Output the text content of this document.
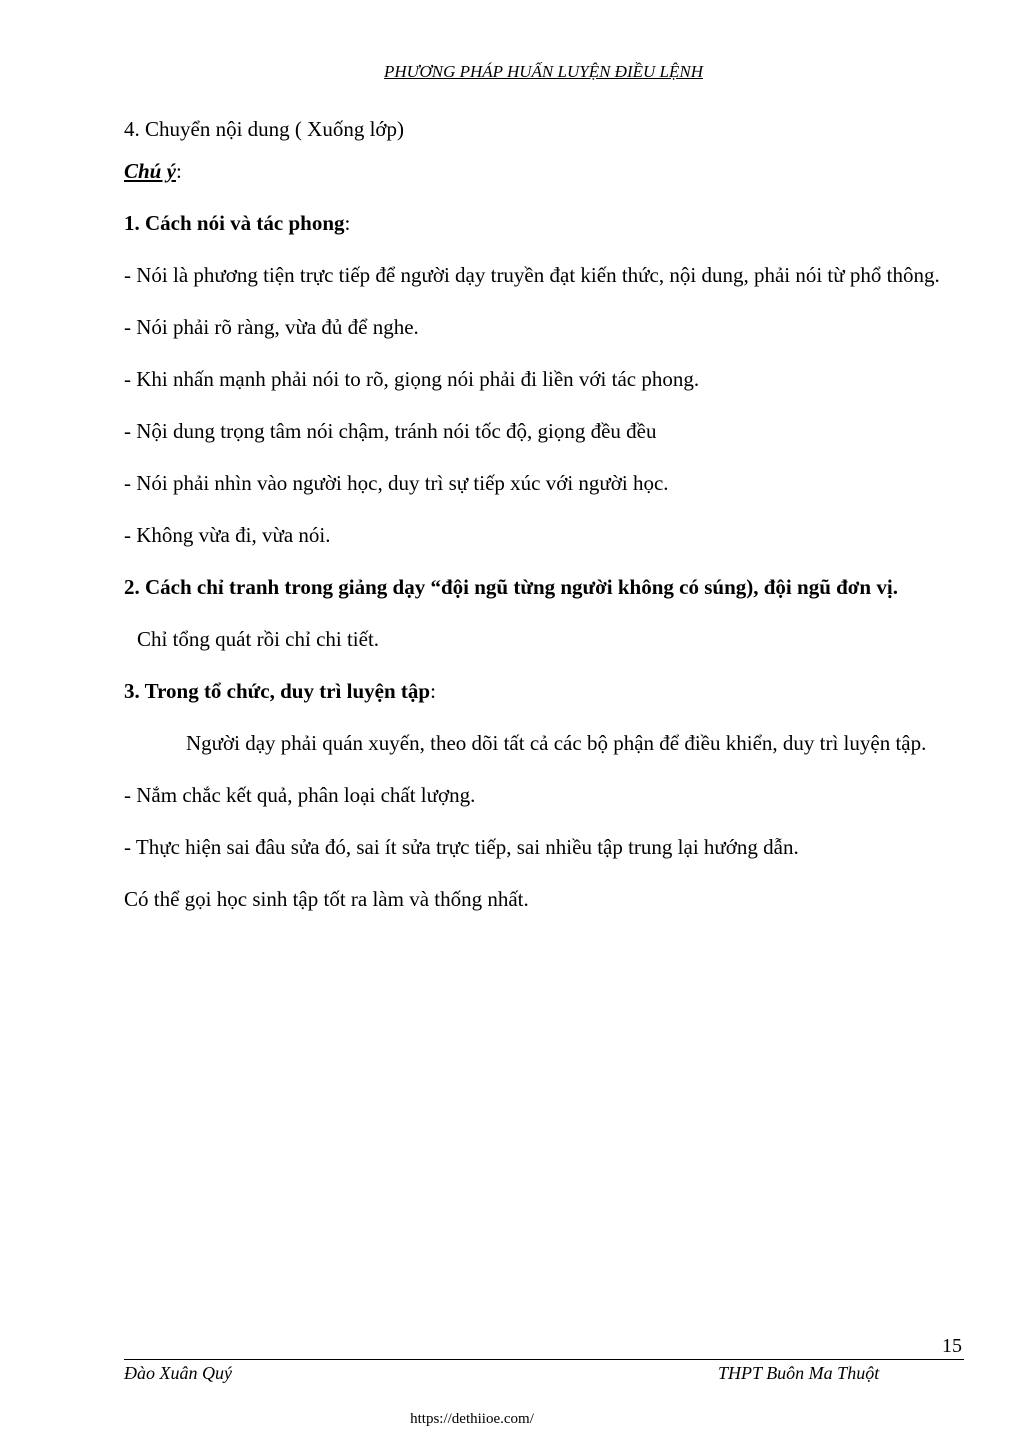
PHƯƠNG PHÁP HUẤN LUYỆN ĐIỀU LỆNH

4. Chuyển nội dung ( Xuống lớp)

Chú ý:

1. Cách nói và tác phong:

- Nói là phương tiện trực tiếp để người dạy truyền đạt kiến thức, nội dung, phải nói từ phổ thông.

- Nói phải rõ ràng, vừa đủ để nghe.

- Khi nhấn mạnh phải nói to rõ, giọng nói phải đi liền với tác phong.

- Nội dung trọng tâm nói chậm, tránh nói tốc độ, giọng đều đều

- Nói phải nhìn vào người học, duy trì sự tiếp xúc với người học.

- Không vừa đi, vừa nói.

2. Cách chỉ tranh trong giảng dạy “đội ngũ từng người không có súng), đội ngũ đơn vị.

Chỉ tổng quát rồi chỉ chi tiết.

3. Trong tổ chức, duy trì luyện tập:

Người dạy phải quán xuyến, theo dõi tất cả các bộ phận để điều khiển, duy trì luyện tập.

- Nắm chắc kết quả, phân loại chất lượng.

- Thực hiện sai đâu sửa đó, sai ít sửa trực tiếp, sai nhiều tập trung lại hướng dẫn.

Có thể gọi học sinh tập tốt ra làm và thống nhất.

15
Đào Xuân Quý	THPT Buôn Ma Thuột
https://dethiioe.com/
